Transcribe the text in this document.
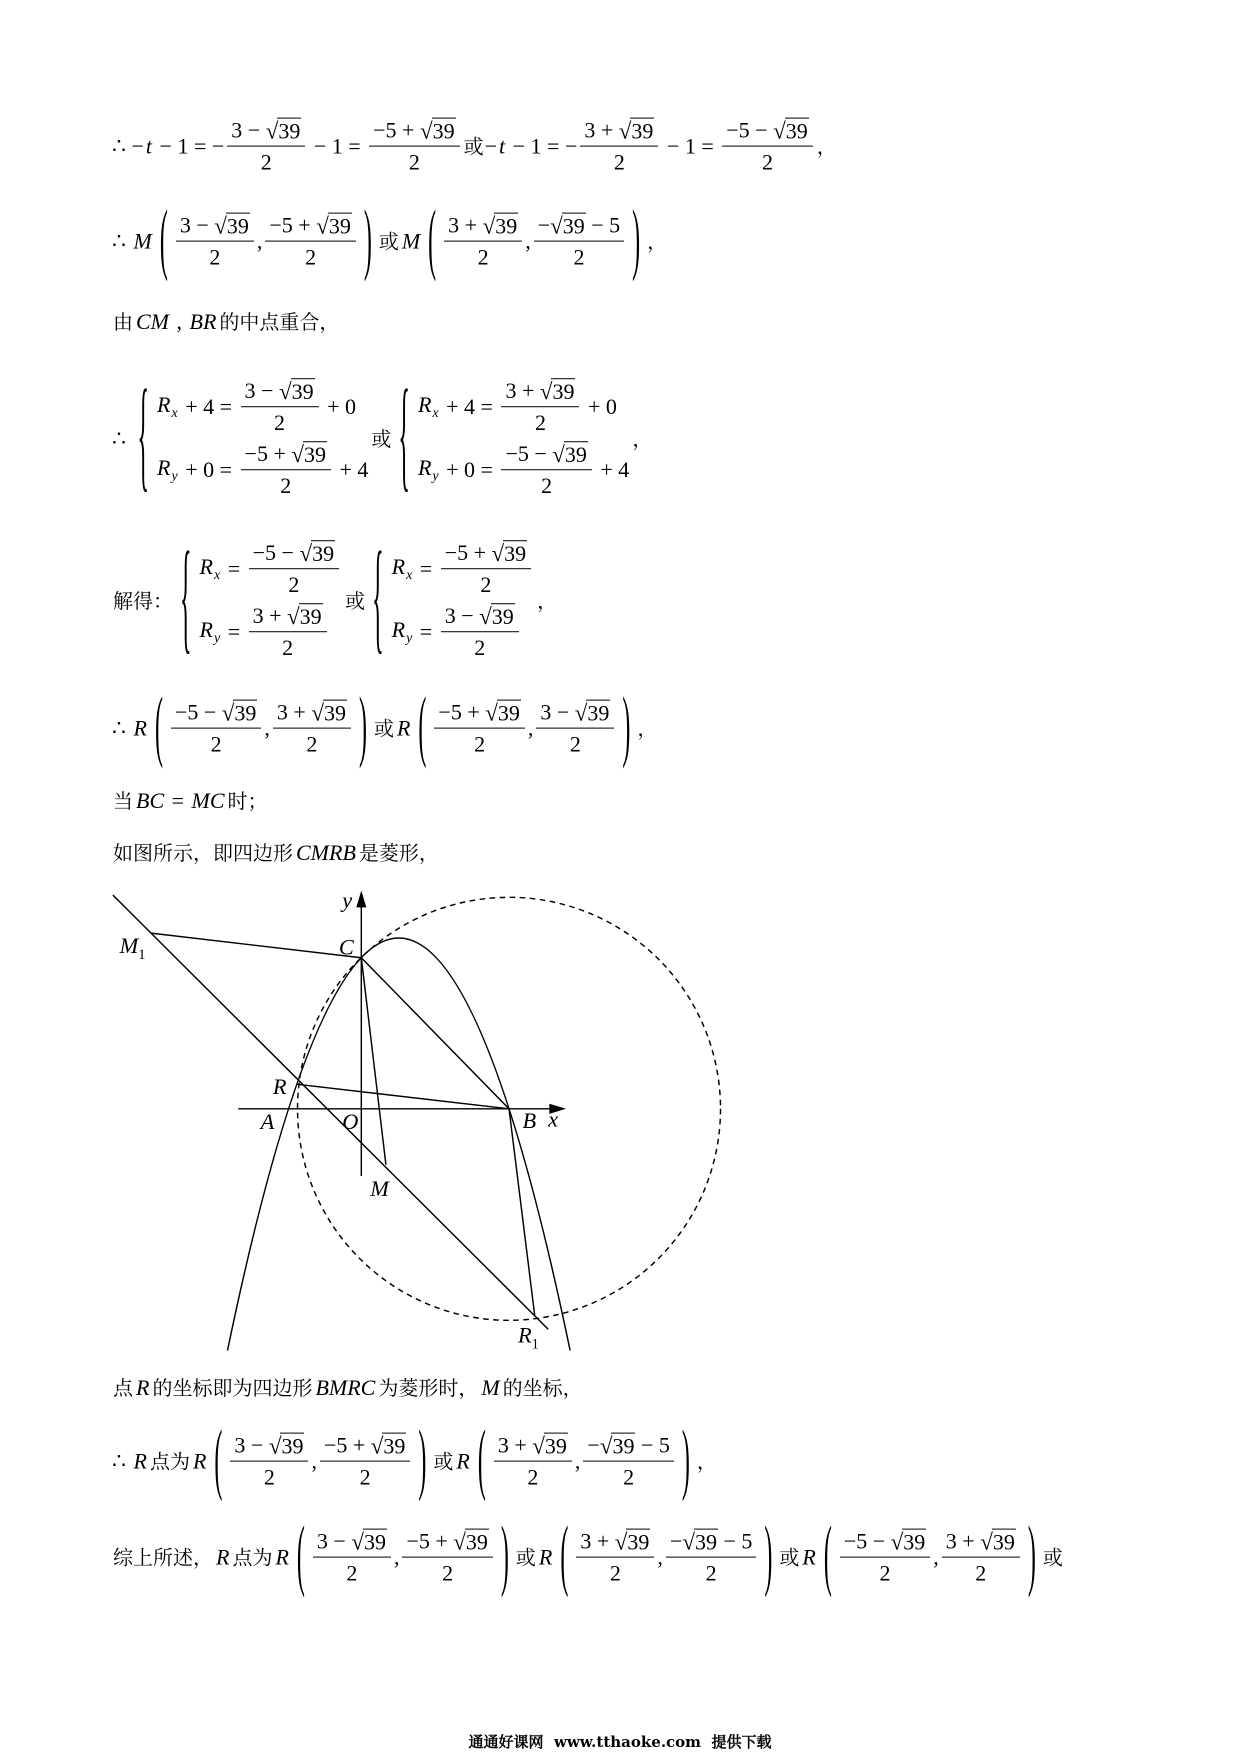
∴ − t − 1 = − $\frac{3 - √ 39}{2} - 1 = \frac{-5 + √ 39}{2}$ 或 − t − 1 = − $\frac{3 + √ 39}{2} - 1 = \frac{-5 - √ 39}{2}$ ，
∴ M ( $\frac{3 - √ 39}{2}$ , $\frac{-5 + √ 39}{2}$ ) 或 M ( $\frac{3 + √ 39}{2}$ , $\frac{- √ 39 - 5}{2}$ ) ，
由 CM , BR 的中点重合，
∴ { $R_x + 4 = \frac{3 - √ 39}{2} + 0$
$R_y + 0 = \frac{-5 + √ 39}{2} + 4$
或 { $R_x + 4 = \frac{3 + √ 39}{2} + 0$
$R_y + 0 = \frac{-5 - √ 39}{2} + 4$
，
解得： { $R_x = \frac{-5 - √ 39}{2}$
$R_y = \frac{3 + √ 39}{2}$
或 { $R_x = \frac{-5 + √ 39}{2}$
$R_y = \frac{3 - √ 39}{2}$
，
∴ R ( $\frac{-5 - √ 39}{2}$ , $\frac{3 + √ 39}{2}$ ) 或 R ( $\frac{-5 + √ 39}{2}$ , $\frac{3 - √ 39}{2}$ ) ，
当 BC = MC 时；
如图所示，即四边形 CMRB 是菱形，
y
C
$M_1$
R
A	O	B x
M
$R_1$
点 R 的坐标即为四边形 BMRC 为菱形时， M 的坐标，
∴ R 点为 R ( $\frac{3 - √ 39}{2}$ , $\frac{-5 + √ 39}{2}$ ) 或 R ( $\frac{3 + √ 39}{2}$ , $\frac{- √ 39 - 5}{2}$ ) ，
综上所述， R 点为 R ( $\frac{3 - √ 39}{2}$ , $\frac{-5 + √ 39}{2}$ ) 或 R ( $\frac{3 + √ 39}{2}$ , $\frac{- √ 39 - 5}{2}$ ) 或 R ( $\frac{-5 - √ 39}{2}$ , $\frac{3 + √ 39}{2}$ ) 或
通通好课网 www.tthaoke.com 提供下载
